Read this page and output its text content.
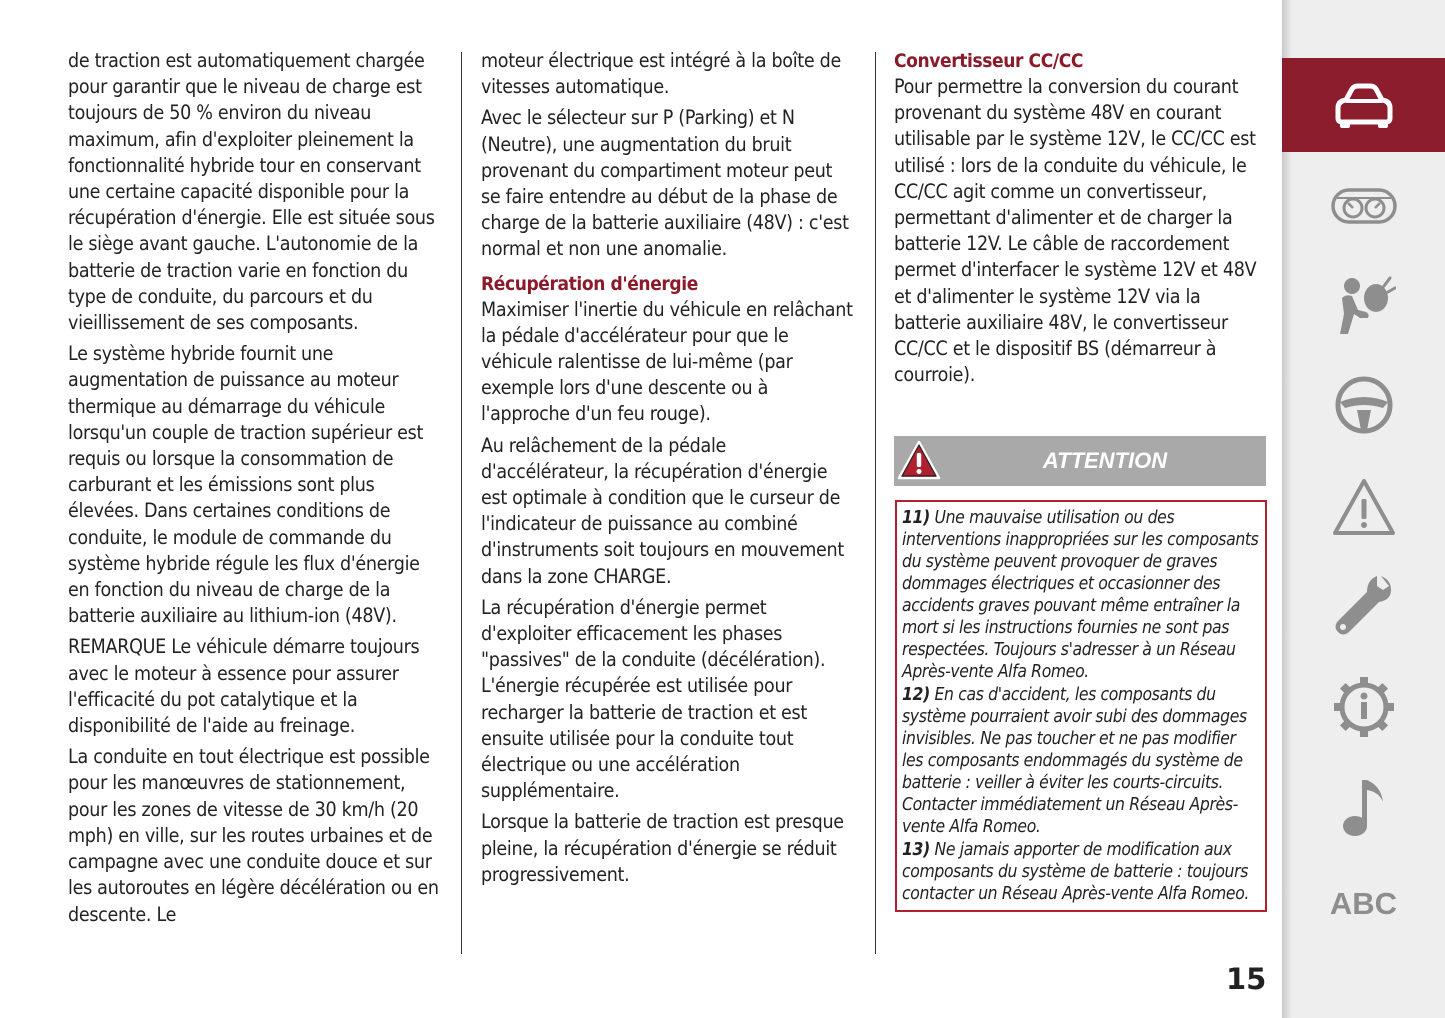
de traction est automatiquement chargée pour garantir que le niveau de charge est toujours de 50 % environ du niveau maximum, afin d'exploiter pleinement la fonctionnalité hybride tour en conservant une certaine capacité disponible pour la récupération d'énergie. Elle est située sous le siège avant gauche. L'autonomie de la batterie de traction varie en fonction du type de conduite, du parcours et du vieillissement de ses composants.

Le système hybride fournit une augmentation de puissance au moteur thermique au démarrage du véhicule lorsqu'un couple de traction supérieur est requis ou lorsque la consommation de carburant et les émissions sont plus élevées. Dans certaines conditions de conduite, le module de commande du système hybride régule les flux d'énergie en fonction du niveau de charge de la batterie auxiliaire au lithium-ion (48V).

REMARQUE Le véhicule démarre toujours avec le moteur à essence pour assurer l'efficacité du pot catalytique et la disponibilité de l'aide au freinage.

La conduite en tout électrique est possible pour les manœuvres de stationnement, pour les zones de vitesse de 30 km/h (20 mph) en ville, sur les routes urbaines et de campagne avec une conduite douce et sur les autoroutes en légère décélération ou en descente. Le

moteur électrique est intégré à la boîte de vitesses automatique.

Avec le sélecteur sur P (Parking) et N (Neutre), une augmentation du bruit provenant du compartiment moteur peut se faire entendre au début de la phase de charge de la batterie auxiliaire (48V) : c'est normal et non une anomalie.

Récupération d'énergie

Maximiser l'inertie du véhicule en relâchant la pédale d'accélérateur pour que le véhicule ralentisse de lui-même (par exemple lors d'une descente ou à l'approche d'un feu rouge).

Au relâchement de la pédale d'accélérateur, la récupération d'énergie est optimale à condition que le curseur de l'indicateur de puissance au combiné d'instruments soit toujours en mouvement dans la zone CHARGE.

La récupération d'énergie permet d'exploiter efficacement les phases "passives" de la conduite (décélération). L'énergie récupérée est utilisée pour recharger la batterie de traction et est ensuite utilisée pour la conduite tout électrique ou une accélération supplémentaire.

Lorsque la batterie de traction est presque pleine, la récupération d'énergie se réduit progressivement.

Convertisseur CC/CC

Pour permettre la conversion du courant provenant du système 48V en courant utilisable par le système 12V, le CC/CC est utilisé : lors de la conduite du véhicule, le CC/CC agit comme un convertisseur, permettant d'alimenter et de charger la batterie 12V. Le câble de raccordement permet d'interfacer le système 12V et 48V et d'alimenter le système 12V via la batterie auxiliaire 48V, le convertisseur CC/CC et le dispositif BS (démarreur à courroie).

ATTENTION

11) Une mauvaise utilisation ou des interventions inappropriées sur les composants du système peuvent provoquer de graves dommages électriques et occasionner des accidents graves pouvant même entraîner la mort si les instructions fournies ne sont pas respectées. Toujours s'adresser à un Réseau Après-vente Alfa Romeo.

12) En cas d'accident, les composants du système pourraient avoir subi des dommages invisibles. Ne pas toucher et ne pas modifier les composants endommagés du système de batterie : veiller à éviter les courts-circuits. Contacter immédiatement un Réseau Après-vente Alfa Romeo.

13) Ne jamais apporter de modification aux composants du système de batterie : toujours contacter un Réseau Après-vente Alfa Romeo.

15
ABC
